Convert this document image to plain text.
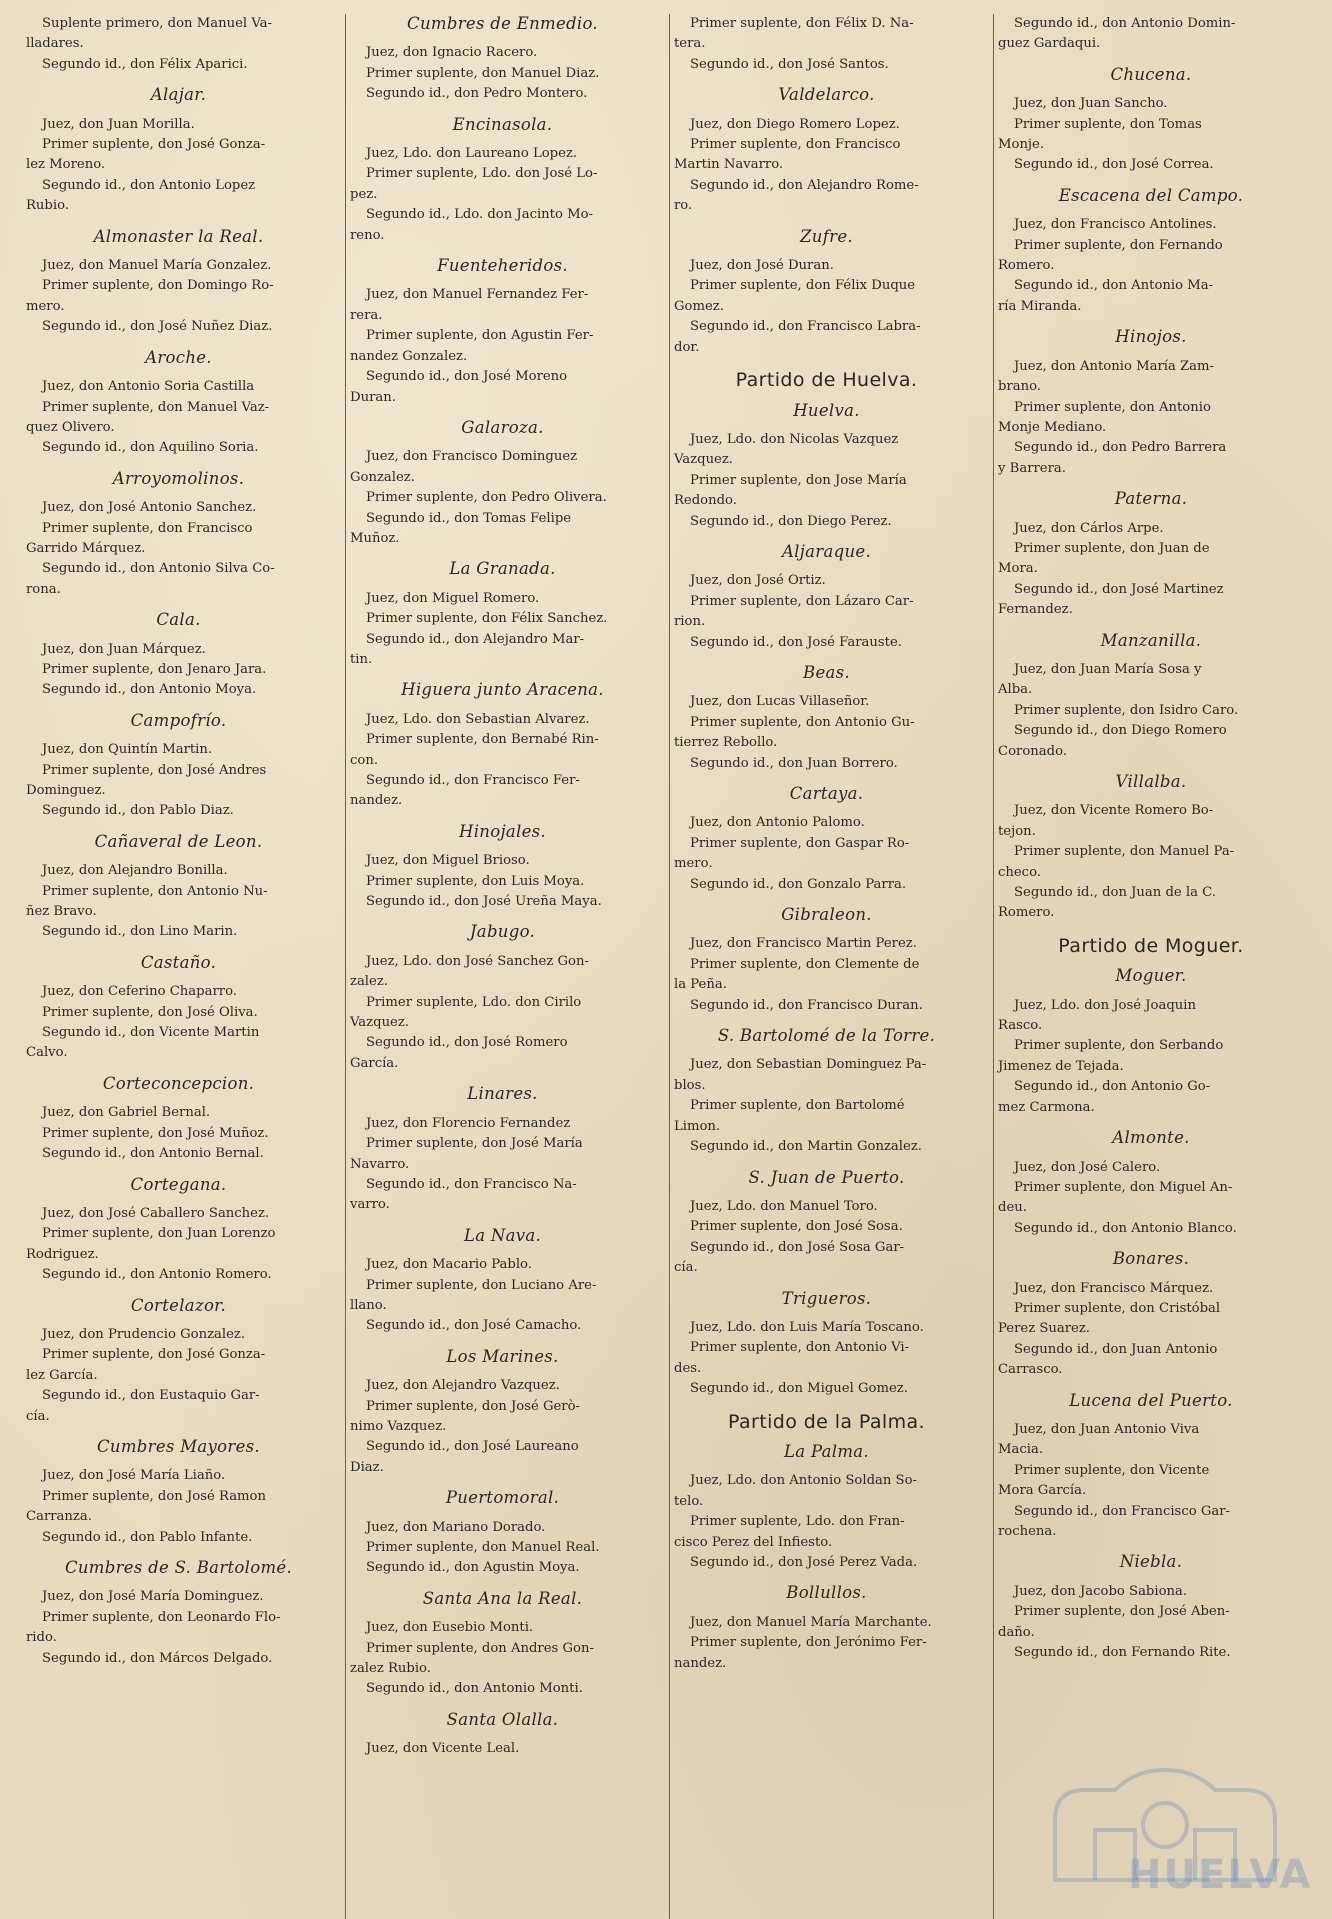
Suplente primero, don Manuel Va-
lladares.
Segundo id., don Félix Aparici.
Alajar.
Juez, don Juan Morilla.
Primer suplente, don José Gonza-
lez Moreno.
Segundo id., don Antonio Lopez
Rubio.
Almonaster la Real.
Juez, don Manuel María Gonzalez.
Primer suplente, don Domingo Ro-
mero.
Segundo id., don José Nuñez Diaz.
Aroche.
Juez, don Antonio Soria Castilla
Primer suplente, don Manuel Vaz-
quez Olivero.
Segundo id., don Aquilino Soria.
Arroyomolinos.
Juez, don José Antonio Sanchez.
Primer suplente, don Francisco
Garrido Márquez.
Segundo id., don Antonio Silva Co-
rona.
Cala.
Juez, don Juan Márquez.
Primer suplente, don Jenaro Jara.
Segundo id., don Antonio Moya.
Campofrío.
Juez, don Quintín Martin.
Primer suplente, don José Andres
Dominguez.
Segundo id., don Pablo Diaz.
Cañaveral de Leon.
Juez, don Alejandro Bonilla.
Primer suplente, don Antonio Nu-
ñez Bravo.
Segundo id., don Lino Marin.
Castaño.
Juez, don Ceferino Chaparro.
Primer suplente, don José Oliva.
Segundo id., don Vicente Martin
Calvo.
Corteconcepcion.
Juez, don Gabriel Bernal.
Primer suplente, don José Muñoz.
Segundo id., don Antonio Bernal.
Cortegana.
Juez, don José Caballero Sanchez.
Primer suplente, don Juan Lorenzo
Rodriguez.
Segundo id., don Antonio Romero.
Cortelazor.
Juez, don Prudencio Gonzalez.
Primer suplente, don José Gonza-
lez García.
Segundo id., don Eustaquio Gar-
cía.
Cumbres Mayores.
Juez, don José María Liaño.
Primer suplente, don José Ramon
Carranza.
Segundo id., don Pablo Infante.
Cumbres de S. Bartolomé.
Juez, don José María Dominguez.
Primer suplente, don Leonardo Flo-
rido.
Segundo id., don Márcos Delgado.
Cumbres de Enmedio.
Juez, don Ignacio Racero.
Primer suplente, don Manuel Diaz.
Segundo id., don Pedro Montero.
Encinasola.
Juez, Ldo. don Laureano Lopez.
Primer suplente, Ldo. don José Lo-
pez.
Segundo id., Ldo. don Jacinto Mo-
reno.
Fuenteheridos.
Juez, don Manuel Fernandez Fer-
rera.
Primer suplente, don Agustin Fer-
nandez Gonzalez.
Segundo id., don José Moreno
Duran.
Galaroza.
Juez, don Francisco Dominguez
Gonzalez.
Primer suplente, don Pedro Olivera.
Segundo id., don Tomas Felipe
Muñoz.
La Granada.
Juez, don Miguel Romero.
Primer suplente, don Félix Sanchez.
Segundo id., don Alejandro Mar-
tin.
Higuera junto Aracena.
Juez, Ldo. don Sebastian Alvarez.
Primer suplente, don Bernabé Rin-
con.
Segundo id., don Francisco Fer-
nandez.
Hinojales.
Juez, don Miguel Brioso.
Primer suplente, don Luis Moya.
Segundo id., don José Ureña Maya.
Jabugo.
Juez, Ldo. don José Sanchez Gon-
zalez.
Primer suplente, Ldo. don Cirilo
Vazquez.
Segundo id., don José Romero
García.
Linares.
Juez, don Florencio Fernandez
Primer suplente, don José María
Navarro.
Segundo id., don Francisco Na-
varro.
La Nava.
Juez, don Macario Pablo.
Primer suplente, don Luciano Are-
llano.
Segundo id., don José Camacho.
Los Marines.
Juez, don Alejandro Vazquez.
Primer suplente, don José Gerò-
nimo Vazquez.
Segundo id., don José Laureano
Diaz.
Puertomoral.
Juez, don Mariano Dorado.
Primer suplente, don Manuel Real.
Segundo id., don Agustin Moya.
Santa Ana la Real.
Juez, don Eusebio Monti.
Primer suplente, don Andres Gon-
zalez Rubio.
Segundo id., don Antonio Monti.
Santa Olalla.
Juez, don Vicente Leal.
Primer suplente, don Félix D. Na-
tera.
Segundo id., don José Santos.
Valdelarco.
Juez, don Diego Romero Lopez.
Primer suplente, don Francisco
Martin Navarro.
Segundo id., don Alejandro Rome-
ro.
Zufre.
Juez, don José Duran.
Primer suplente, don Félix Duque
Gomez.
Segundo id., don Francisco Labra-
dor.
Partido de Huelva.
Huelva.
Juez, Ldo. don Nicolas Vazquez
Vazquez.
Primer suplente, don Jose María
Redondo.
Segundo id., don Diego Perez.
Aljaraque.
Juez, don José Ortiz.
Primer suplente, don Lázaro Car-
rion.
Segundo id., don José Farauste.
Beas.
Juez, don Lucas Villaseñor.
Primer suplente, don Antonio Gu-
tierrez Rebollo.
Segundo id., don Juan Borrero.
Cartaya.
Juez, don Antonio Palomo.
Primer suplente, don Gaspar Ro-
mero.
Segundo id., don Gonzalo Parra.
Gibraleon.
Juez, don Francisco Martin Perez.
Primer suplente, don Clemente de
la Peña.
Segundo id., don Francisco Duran.
S. Bartolomé de la Torre.
Juez, don Sebastian Dominguez Pa-
blos.
Primer suplente, don Bartolomé
Limon.
Segundo id., don Martin Gonzalez.
S. Juan de Puerto.
Juez, Ldo. don Manuel Toro.
Primer suplente, don José Sosa.
Segundo id., don José Sosa Gar-
cía.
Trigueros.
Juez, Ldo. don Luis María Toscano.
Primer suplente, don Antonio Vi-
des.
Segundo id., don Miguel Gomez.
Partido de la Palma.
La Palma.
Juez, Ldo. don Antonio Soldan So-
telo.
Primer suplente, Ldo. don Fran-
cisco Perez del Infiesto.
Segundo id., don José Perez Vada.
Bollullos.
Juez, don Manuel María Marchante.
Primer suplente, don Jerónimo Fer-
nandez.
Segundo id., don Antonio Domin-
guez Gardaqui.
Chucena.
Juez, don Juan Sancho.
Primer suplente, don Tomas
Monje.
Segundo id., don José Correa.
Escacena del Campo.
Juez, don Francisco Antolines.
Primer suplente, don Fernando
Romero.
Segundo id., don Antonio Ma-
ría Miranda.
Hinojos.
Juez, don Antonio María Zam-
brano.
Primer suplente, don Antonio
Monje Mediano.
Segundo id., don Pedro Barrera
y Barrera.
Paterna.
Juez, don Cárlos Arpe.
Primer suplente, don Juan de
Mora.
Segundo id., don José Martinez
Fernandez.
Manzanilla.
Juez, don Juan María Sosa y
Alba.
Primer suplente, don Isidro Caro.
Segundo id., don Diego Romero
Coronado.
Villalba.
Juez, don Vicente Romero Bo-
tejon.
Primer suplente, don Manuel Pa-
checo.
Segundo id., don Juan de la C.
Romero.
Partido de Moguer.
Moguer.
Juez, Ldo. don José Joaquin
Rasco.
Primer suplente, don Serbando
Jimenez de Tejada.
Segundo id., don Antonio Go-
mez Carmona.
Almonte.
Juez, don José Calero.
Primer suplente, don Miguel An-
deu.
Segundo id., don Antonio Blanco.
Bonares.
Juez, don Francisco Márquez.
Primer suplente, don Cristóbal
Perez Suarez.
Segundo id., don Juan Antonio
Carrasco.
Lucena del Puerto.
Juez, don Juan Antonio Viva
Macia.
Primer suplente, don Vicente
Mora García.
Segundo id., don Francisco Gar-
rochena.
Niebla.
Juez, don Jacobo Sabiona.
Primer suplente, don José Aben-
daño.
Segundo id., don Fernando Rite.
HUELVA
